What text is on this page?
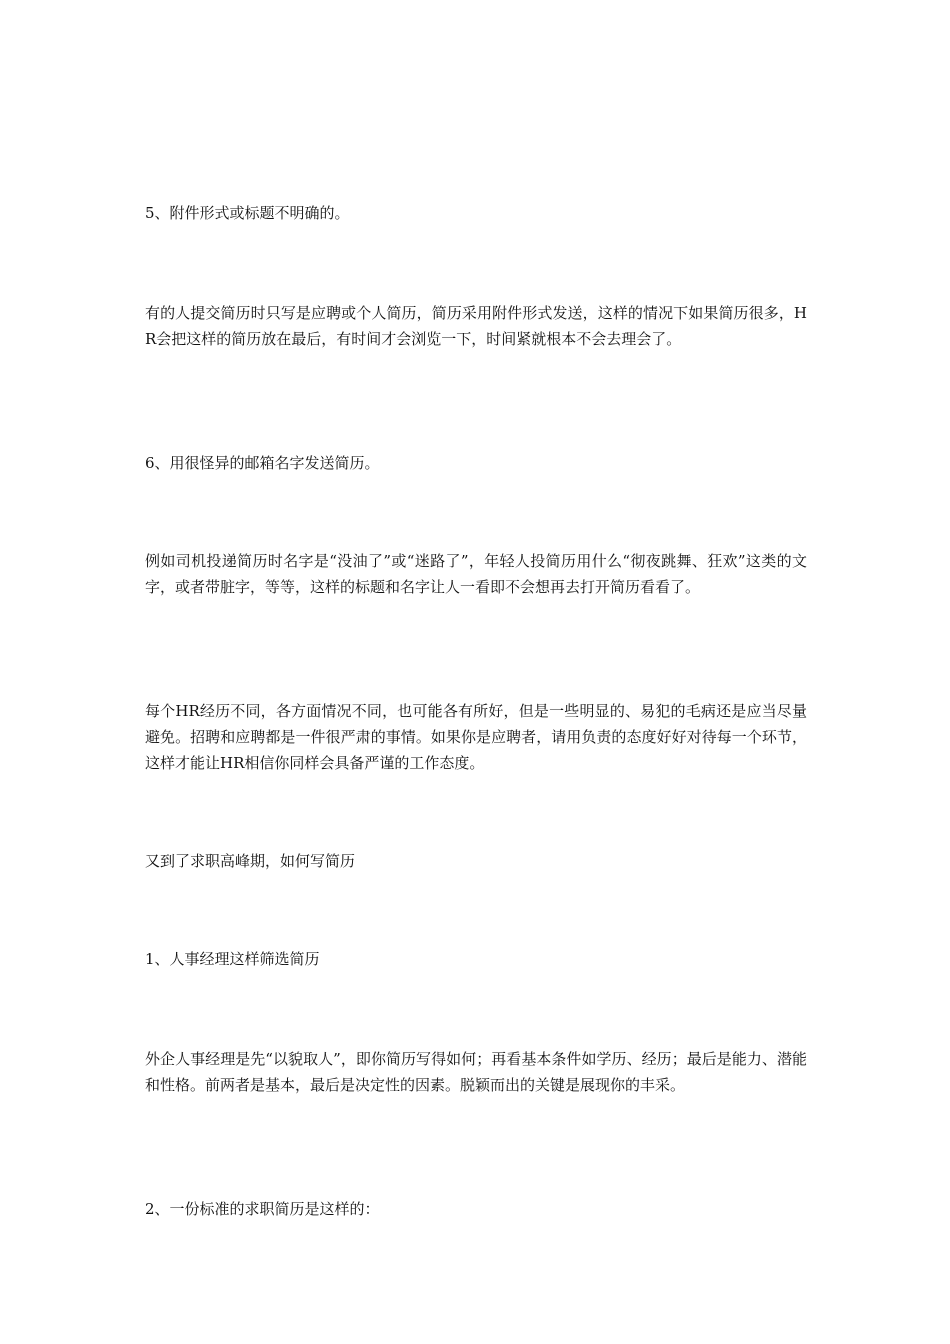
5、附件形式或标题不明确的。

有的人提交简历时只写是应聘或个人简历，简历采用附件形式发送，这样的情况下如果简历很多，HR会把这样的简历放在最后，有时间才会浏览一下，时间紧就根本不会去理会了。

6、用很怪异的邮箱名字发送简历。

例如司机投递简历时名字是“没油了”或“迷路了”，年轻人投简历用什么“彻夜跳舞、狂欢”这类的文字，或者带脏字，等等，这样的标题和名字让人一看即不会想再去打开简历看看了。

每个HR经历不同，各方面情况不同，也可能各有所好，但是一些明显的、易犯的毛病还是应当尽量避免。招聘和应聘都是一件很严肃的事情。如果你是应聘者，请用负责的态度好好对待每一个环节，这样才能让HR相信你同样会具备严谨的工作态度。

又到了求职高峰期，如何写简历

1、人事经理这样筛选简历

外企人事经理是先“以貌取人”，即你简历写得如何；再看基本条件如学历、经历；最后是能力、潜能和性格。前两者是基本，最后是决定性的因素。脱颖而出的关键是展现你的丰采。

2、一份标准的求职简历是这样的：
